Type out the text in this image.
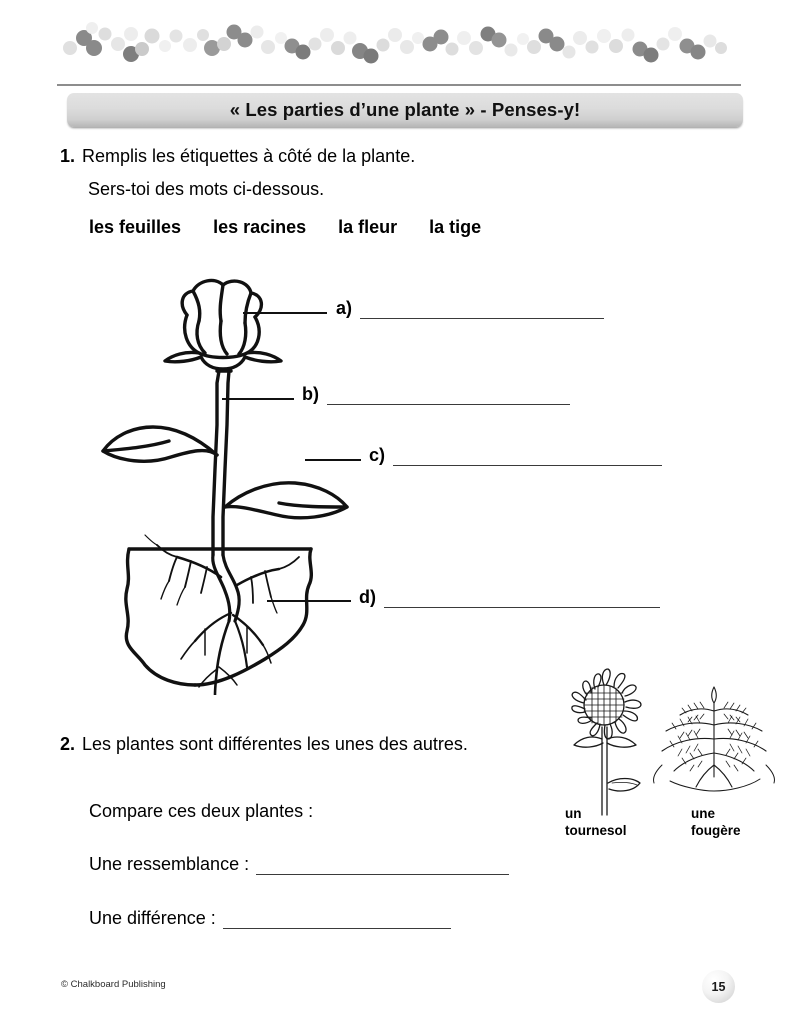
« Les parties d’une plante » - Penses-y!
1. Remplis les étiquettes à côté de la plante.
Sers-toi des mots ci-dessous.
les feuilles les racines la fleur la tige
a)
b)
c)
d)
2. Les plantes sont différentes les unes des autres.
Compare ces deux plantes :
Une ressemblance :
Une différence :
un
tournesol
une
fougère
© Chalkboard Publishing	15
